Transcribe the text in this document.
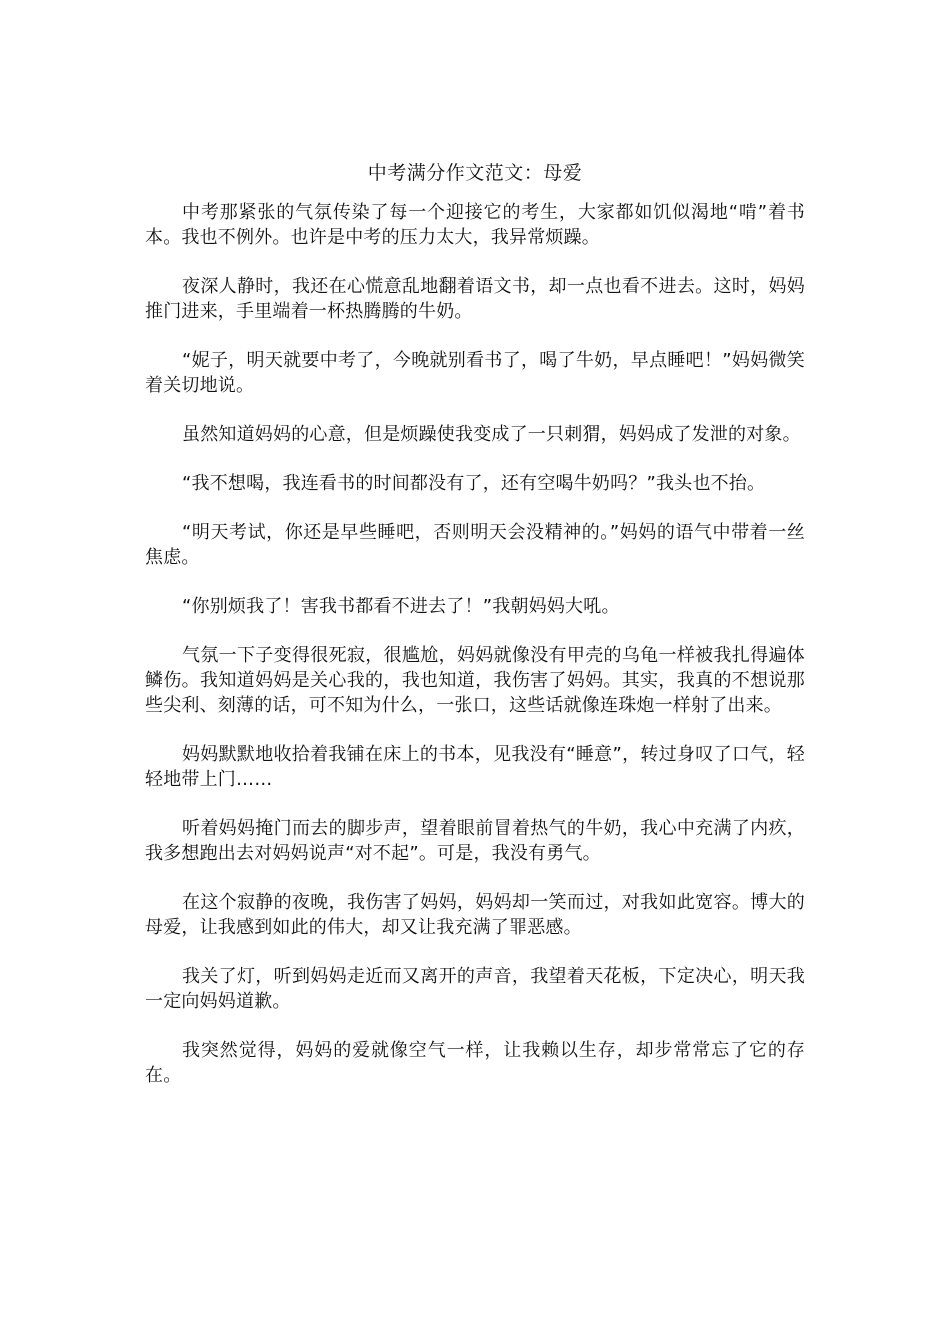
中考满分作文范文：母爱

中考那紧张的气氛传染了每一个迎接它的考生，大家都如饥似渴地“啃”着书本。我也不例外。也许是中考的压力太大，我异常烦躁。

夜深人静时，我还在心慌意乱地翻着语文书，却一点也看不进去。这时，妈妈推门进来，手里端着一杯热腾腾的牛奶。

“妮子，明天就要中考了，今晚就别看书了，喝了牛奶，早点睡吧！”妈妈微笑着关切地说。

虽然知道妈妈的心意，但是烦躁使我变成了一只刺猬，妈妈成了发泄的对象。

“我不想喝，我连看书的时间都没有了，还有空喝牛奶吗？”我头也不抬。

“明天考试，你还是早些睡吧，否则明天会没精神的。”妈妈的语气中带着一丝焦虑。

“你别烦我了！害我书都看不进去了！”我朝妈妈大吼。

气氛一下子变得很死寂，很尴尬，妈妈就像没有甲壳的乌龟一样被我扎得遍体鳞伤。我知道妈妈是关心我的，我也知道，我伤害了妈妈。其实，我真的不想说那些尖利、刻薄的话，可不知为什么，一张口，这些话就像连珠炮一样射了出来。

妈妈默默地收拾着我铺在床上的书本，见我没有“睡意”，转过身叹了口气，轻轻地带上门……

听着妈妈掩门而去的脚步声，望着眼前冒着热气的牛奶，我心中充满了内疚，我多想跑出去对妈妈说声“对不起”。可是，我没有勇气。

在这个寂静的夜晚，我伤害了妈妈，妈妈却一笑而过，对我如此宽容。博大的母爱，让我感到如此的伟大，却又让我充满了罪恶感。

我关了灯，听到妈妈走近而又离开的声音，我望着天花板，下定决心，明天我一定向妈妈道歉。

我突然觉得，妈妈的爱就像空气一样，让我赖以生存，却步常常忘了它的存在。
